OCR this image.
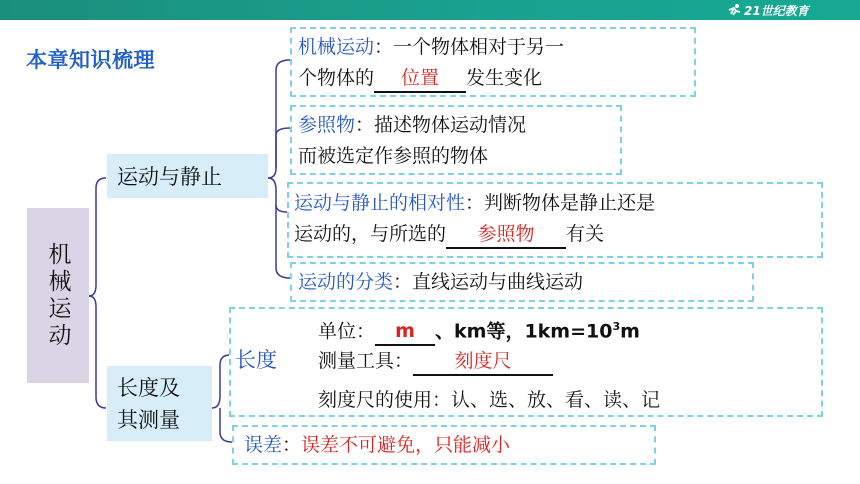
21世纪教育
本章知识梳理
机械运动
运动与静止
长度及
其测量
机械运动：一个物体相对于另一
个物体的 位置 发生变化
参照物：描述物体运动情况
而被选定作参照的物体
运动与静止的相对性：判断物体是静止还是
运动的，与所选的 参照物 有关
运动的分类：直线运动与曲线运动
长度
单位： m 、km等，$1km=10^3m$
测量工具： 刻度尺
刻度尺的使用：认、选、放、看、读、记
误差：误差不可避免，只能减小
